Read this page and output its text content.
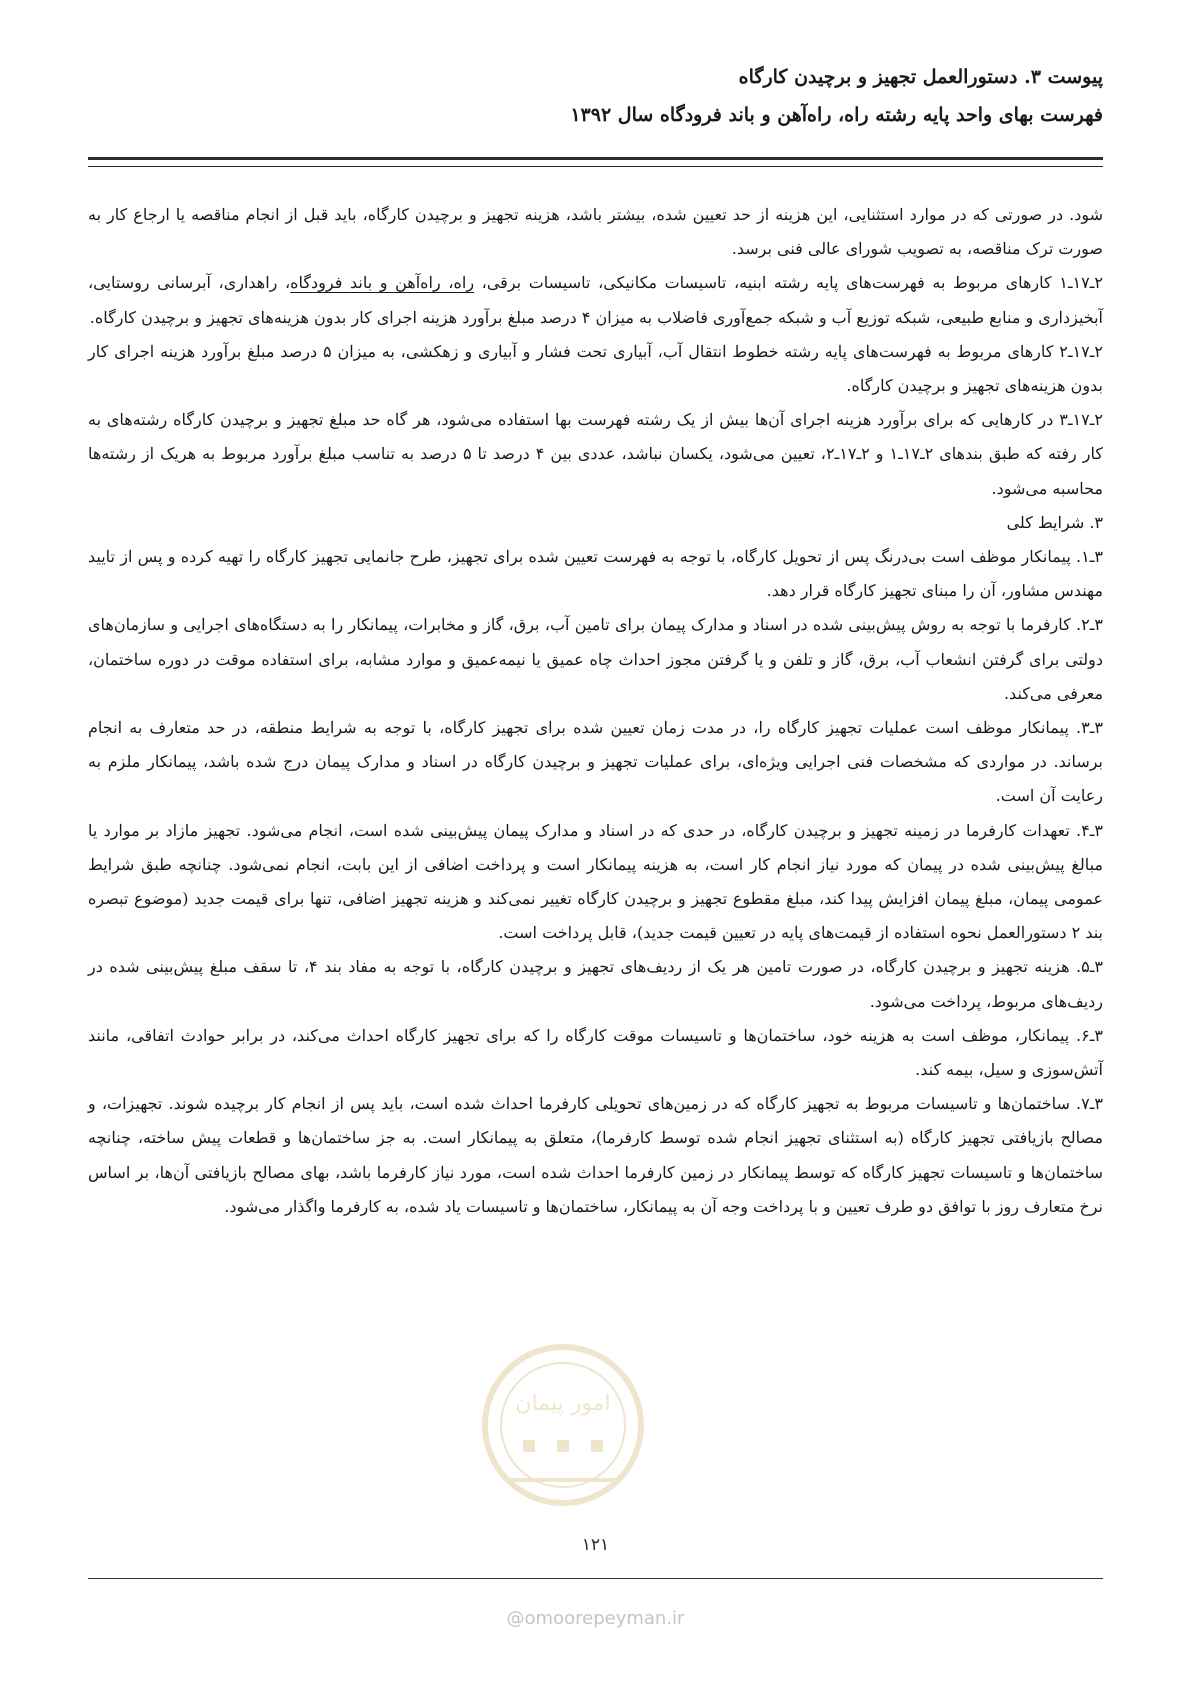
پیوست ۳. دستورالعمل تجهیز و برچیدن کارگاه
فهرست بهای واحد پایه رشته راه، راه‌آهن و باند فرودگاه سال ۱۳۹۲

شود. در صورتی که در موارد استثنایی، این هزینه از حد تعیین شده، بیشتر باشد، هزینه تجهیز و برچیدن کارگاه، باید قبل از انجام مناقصه یا ارجاع کار به صورت ترک مناقصه، به تصویب شورای عالی فنی برسد.

۲ـ۱۷ـ۱ کارهای مربوط به فهرست‌های پایه رشته ابنیه، تاسیسات مکانیکی، تاسیسات برقی، راه، راه‌آهن و باند فرودگاه، راهداری، آبرسانی روستایی، آبخیزداری و منابع طبیعی، شبکه توزیع آب و شبکه جمع‌آوری فاضلاب به میزان ۴ درصد مبلغ برآورد هزینه اجرای کار بدون هزینه‌های تجهیز و برچیدن کارگاه.

۲ـ۱۷ـ۲ کارهای مربوط به فهرست‌های پایه رشته خطوط انتقال آب، آبیاری تحت فشار و آبیاری و زهکشی، به میزان ۵ درصد مبلغ برآورد هزینه اجرای کار بدون هزینه‌های تجهیز و برچیدن کارگاه.

۲ـ۱۷ـ۳ در کارهایی که برای برآورد هزینه اجرای آن‌ها بیش از یک رشته فهرست بها استفاده می‌شود، هر گاه حد مبلغ تجهیز و برچیدن کارگاه رشته‌های به کار رفته که طبق بندهای ۲ـ۱۷ـ۱ و ۲ـ۱۷ـ۲، تعیین می‌شود، یکسان نباشد، عددی بین ۴ درصد تا ۵ درصد به تناسب مبلغ برآورد مربوط به هریک از رشته‌ها محاسبه می‌شود.

۳. شرایط کلی

۳ـ۱. پیمانکار موظف است بی‌درنگ پس از تحویل کارگاه، با توجه به فهرست تعیین شده برای تجهیز، طرح جانمایی تجهیز کارگاه را تهیه کرده و پس از تایید مهندس مشاور، آن را مبنای تجهیز کارگاه قرار دهد.

۳ـ۲. کارفرما با توجه به روش پیش‌بینی شده در اسناد و مدارک پیمان برای تامین آب، برق، گاز و مخابرات، پیمانکار را به دستگاه‌های اجرایی و سازمان‌های دولتی برای گرفتن انشعاب آب، برق، گاز و تلفن و یا گرفتن مجوز احداث چاه عمیق یا نیمه‌عمیق و موارد مشابه، برای استفاده موقت در دوره ساختمان، معرفی می‌کند.

۳ـ۳. پیمانکار موظف است عملیات تجهیز کارگاه را، در مدت زمان تعیین شده برای تجهیز کارگاه، با توجه به شرایط منطقه، در حد متعارف به انجام برساند. در مواردی که مشخصات فنی اجرایی ویژه‌ای، برای عملیات تجهیز و برچیدن کارگاه در اسناد و مدارک پیمان درج شده باشد، پیمانکار ملزم به رعایت آن است.

۳ـ۴. تعهدات کارفرما در زمینه تجهیز و برچیدن کارگاه، در حدی که در اسناد و مدارک پیمان پیش‌بینی شده است، انجام می‌شود. تجهیز مازاد بر موارد یا مبالغ پیش‌بینی شده در پیمان که مورد نیاز انجام کار است، به هزینه پیمانکار است و پرداخت اضافی از این بابت، انجام نمی‌شود. چنانچه طبق شرایط عمومی پیمان، مبلغ پیمان افزایش پیدا کند، مبلغ مقطوع تجهیز و برچیدن کارگاه تغییر نمی‌کند و هزینه تجهیز اضافی، تنها برای قیمت جدید (موضوع تبصره بند ۲ دستورالعمل نحوه استفاده از قیمت‌های پایه در تعیین قیمت جدید)، قابل پرداخت است.

۳ـ۵. هزینه تجهیز و برچیدن کارگاه، در صورت تامین هر یک از ردیف‌های تجهیز و برچیدن کارگاه، با توجه به مفاد بند ۴، تا سقف مبلغ پیش‌بینی شده در ردیف‌های مربوط، پرداخت می‌شود.

۳ـ۶. پیمانکار، موظف است به هزینه خود، ساختمان‌ها و تاسیسات موقت کارگاه را که برای تجهیز کارگاه احداث می‌کند، در برابر حوادث اتفاقی، مانند آتش‌سوزی و سیل، بیمه کند.

۳ـ۷. ساختمان‌ها و تاسیسات مربوط به تجهیز کارگاه که در زمین‌های تحویلی کارفرما احداث شده است، باید پس از انجام کار برچیده شوند. تجهیزات، و مصالح بازیافتی تجهیز کارگاه (به استثنای تجهیز انجام شده توسط کارفرما)، متعلق به پیمانکار است. به جز ساختمان‌ها و قطعات پیش ساخته، چنانچه ساختمان‌ها و تاسیسات تجهیز کارگاه که توسط پیمانکار در زمین کارفرما احداث شده است، مورد نیاز کارفرما باشد، بهای مصالح بازیافتی آن‌ها، بر اساس نرخ متعارف روز با توافق دو طرف تعیین و با پرداخت وجه آن به پیمانکار، ساختمان‌ها و تاسیسات یاد شده، به کارفرما واگذار می‌شود.

امور پیمان
۱۲۱
@omoorepeyman.ir
